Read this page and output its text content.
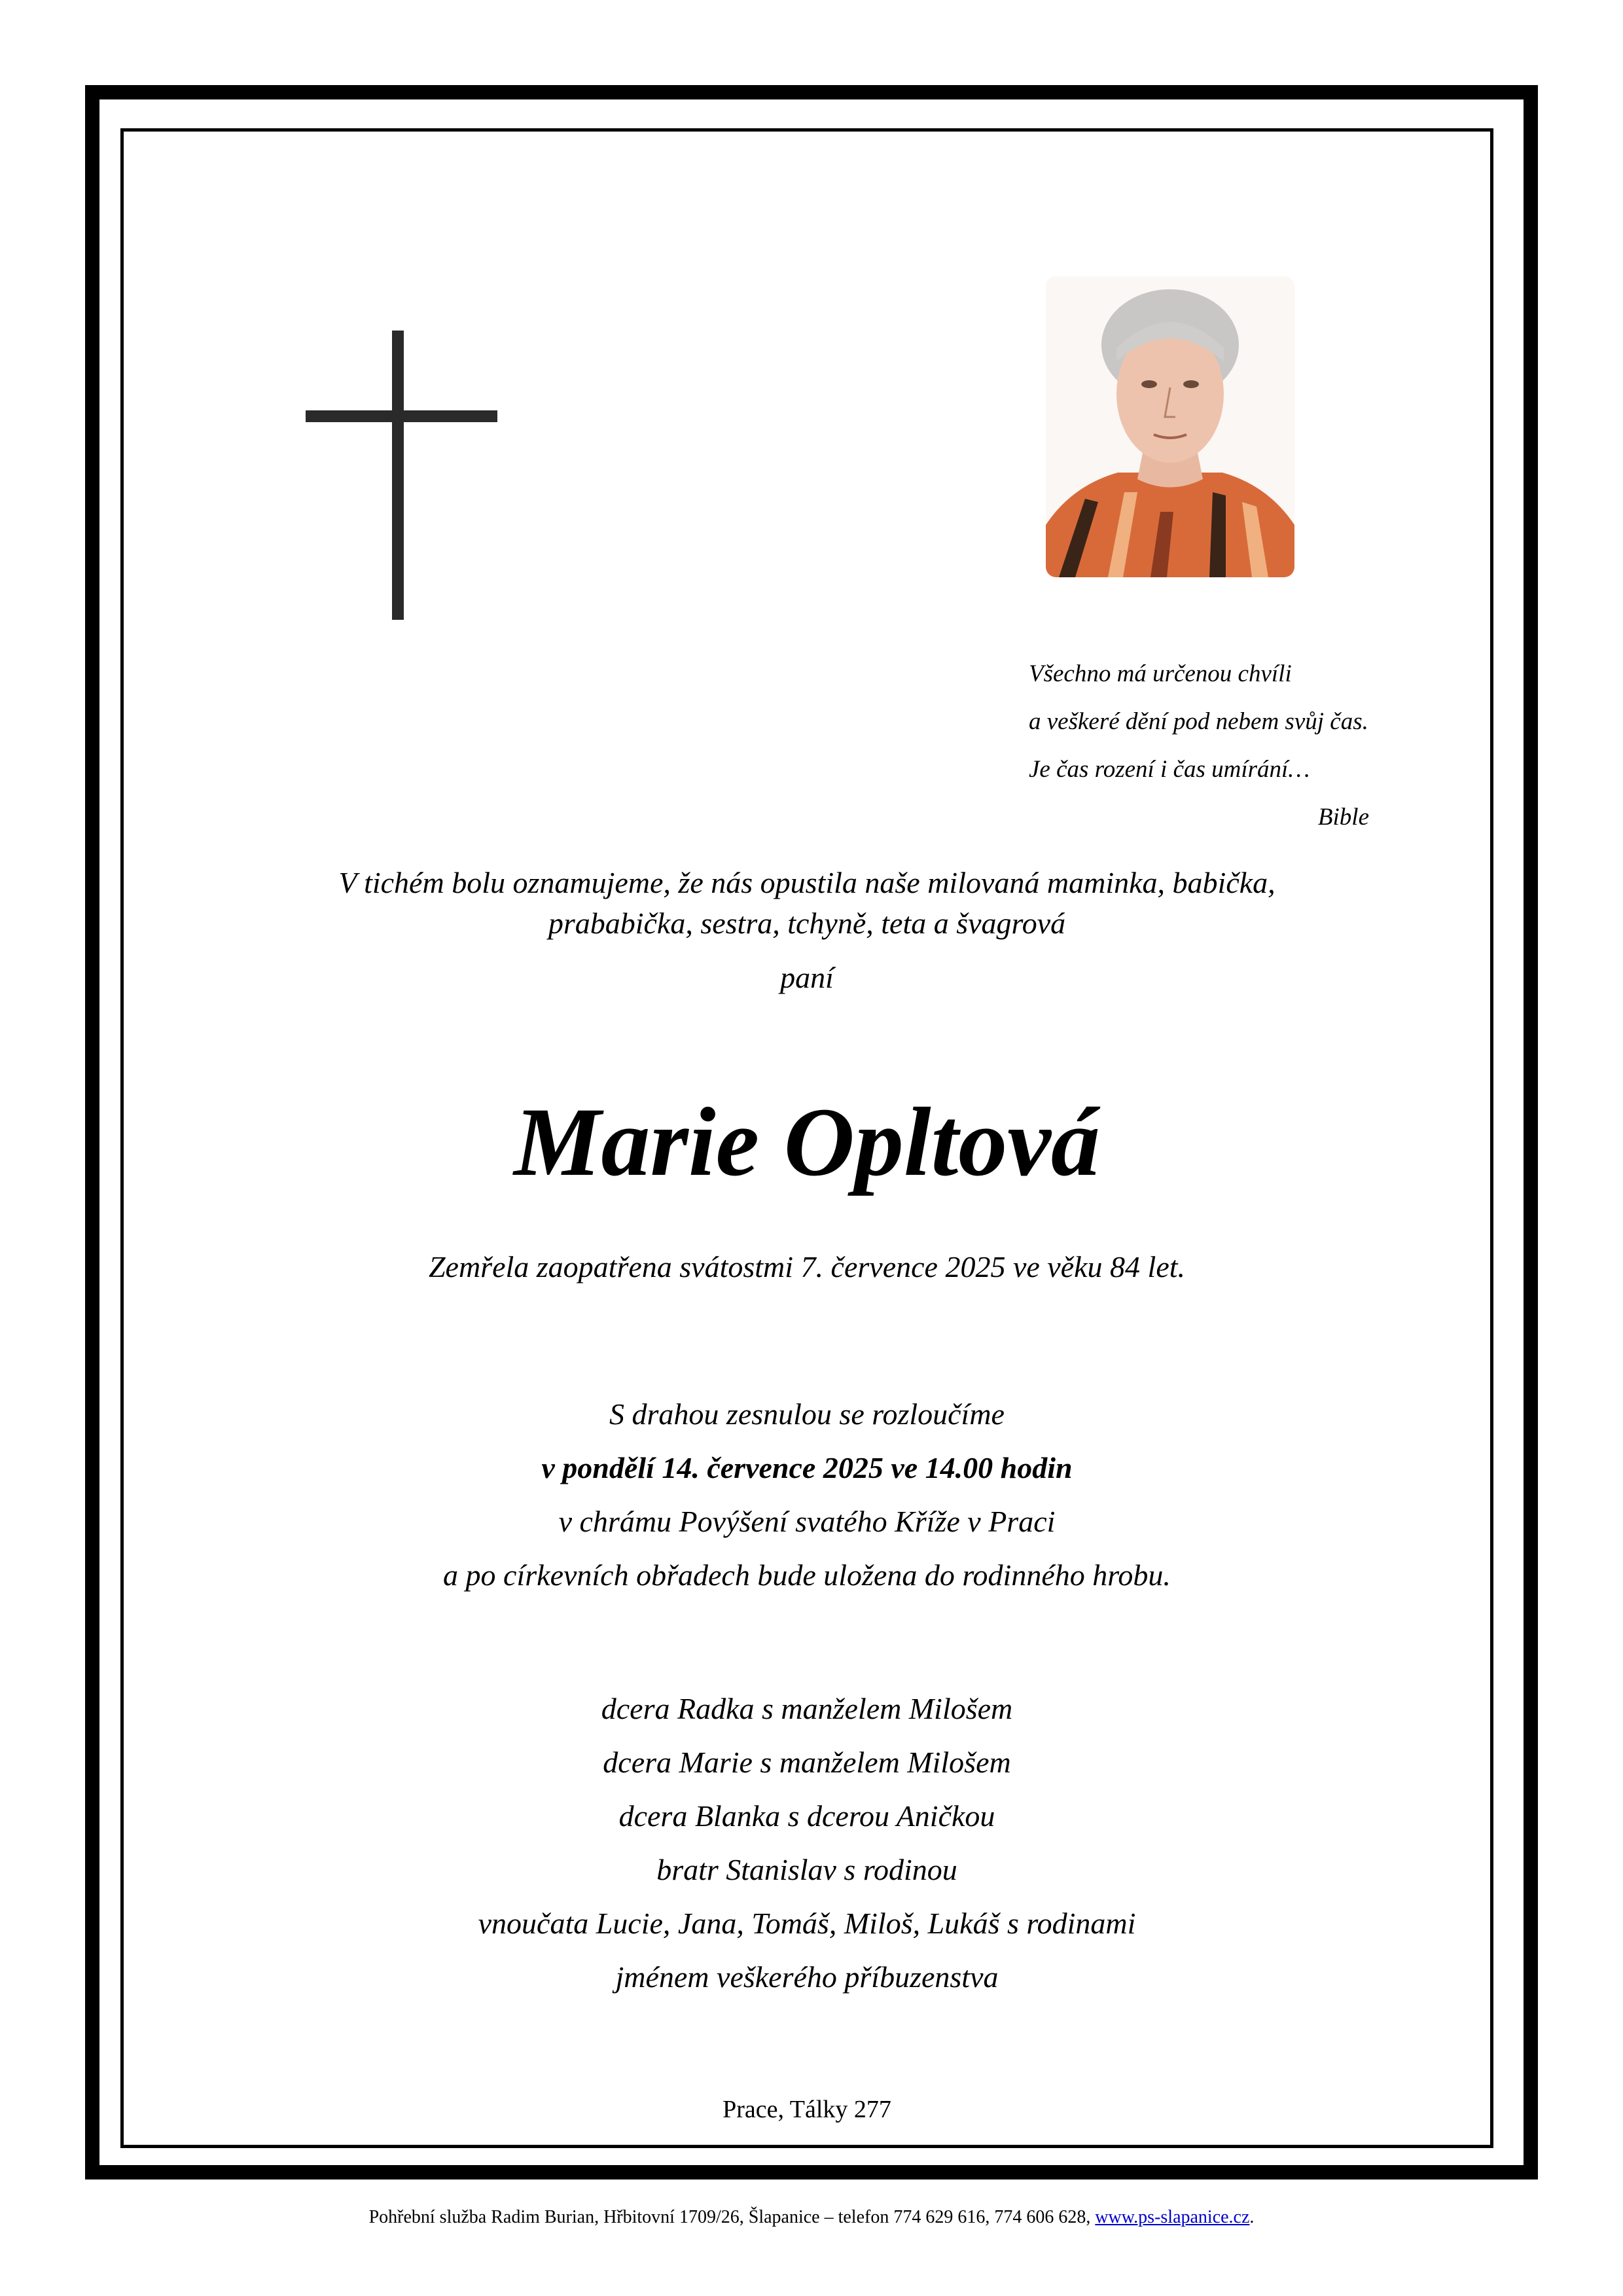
Všechno má určenou chvíli
a veškeré dění pod nebem svůj čas.
Je čas rození i čas umírání…
Bible
V tichém bolu oznamujeme, že nás opustila naše milovaná maminka, babička,
prababička, sestra, tchyně, teta a švagrová
paní
Marie Opltová
Zemřela zaopatřena svátostmi 7. července 2025 ve věku 84 let.
S drahou zesnulou se rozloučíme
v pondělí 14. července 2025 ve 14.00 hodin
v chrámu Povýšení svatého Kříže v Praci
a po církevních obřadech bude uložena do rodinného hrobu.
dcera Radka s manželem Milošem
dcera Marie s manželem Milošem
dcera Blanka s dcerou Aničkou
bratr Stanislav s rodinou
vnoučata Lucie, Jana, Tomáš, Miloš, Lukáš s rodinami
jménem veškerého příbuzenstva
Prace, Tálky 277
Pohřební služba Radim Burian, Hřbitovní 1709/26, Šlapanice – telefon 774 629 616, 774 606 628, www.ps-slapanice.cz.
